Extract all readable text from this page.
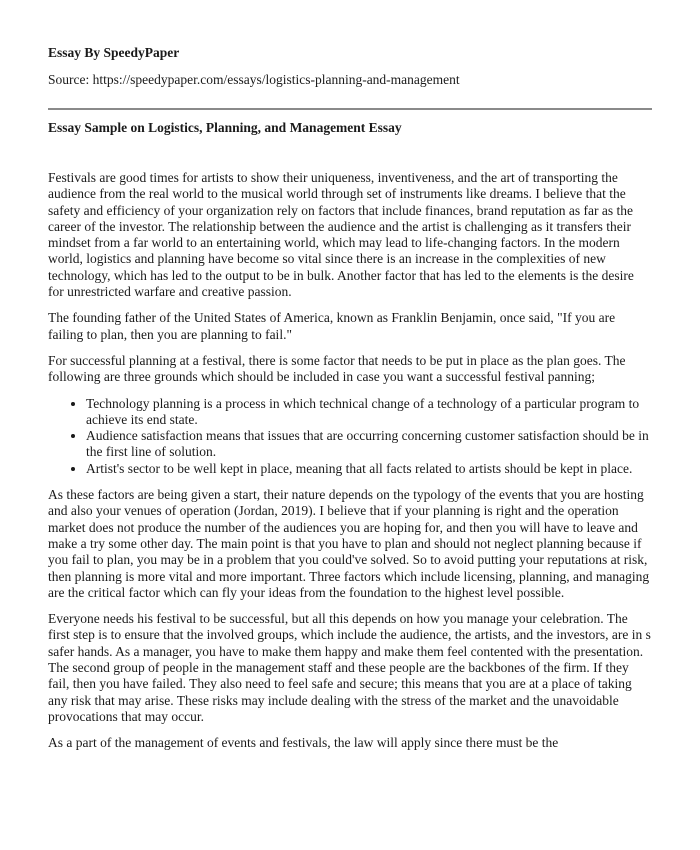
Essay By SpeedyPaper

Source: https://speedypaper.com/essays/logistics-planning-and-management

Essay Sample on Logistics, Planning, and Management Essay

Festivals are good times for artists to show their uniqueness, inventiveness, and the art of transporting the audience from the real world to the musical world through set of instruments like dreams. I believe that the safety and efficiency of your organization rely on factors that include finances, brand reputation as far as the career of the investor. The relationship between the audience and the artist is challenging as it transfers their mindset from a far world to an entertaining world, which may lead to life-changing factors. In the modern world, logistics and planning have become so vital since there is an increase in the complexities of new technology, which has led to the output to be in bulk. Another factor that has led to the elements is the desire for unrestricted warfare and creative passion.

The founding father of the United States of America, known as Franklin Benjamin, once said, "If you are failing to plan, then you are planning to fail."

For successful planning at a festival, there is some factor that needs to be put in place as the plan goes. The following are three grounds which should be included in case you want a successful festival panning;

• Technology planning is a process in which technical change of a technology of a particular program to achieve its end state.
• Audience satisfaction means that issues that are occurring concerning customer satisfaction should be in the first line of solution.
• Artist's sector to be well kept in place, meaning that all facts related to artists should be kept in place.

As these factors are being given a start, their nature depends on the typology of the events that you are hosting and also your venues of operation (Jordan, 2019). I believe that if your planning is right and the operation market does not produce the number of the audiences you are hoping for, and then you will have to leave and make a try some other day. The main point is that you have to plan and should not neglect planning because if you fail to plan, you may be in a problem that you could've solved. So to avoid putting your reputations at risk, then planning is more vital and more important. Three factors which include licensing, planning, and managing are the critical factor which can fly your ideas from the foundation to the highest level possible.

Everyone needs his festival to be successful, but all this depends on how you manage your celebration. The first step is to ensure that the involved groups, which include the audience, the artists, and the investors, are in s safer hands. As a manager, you have to make them happy and make them feel contented with the presentation. The second group of people in the management staff and these people are the backbones of the firm. If they fail, then you have failed. They also need to feel safe and secure; this means that you are at a place of taking any risk that may arise. These risks may include dealing with the stress of the market and the unavoidable provocations that may occur.

As a part of the management of events and festivals, the law will apply since there must be the
